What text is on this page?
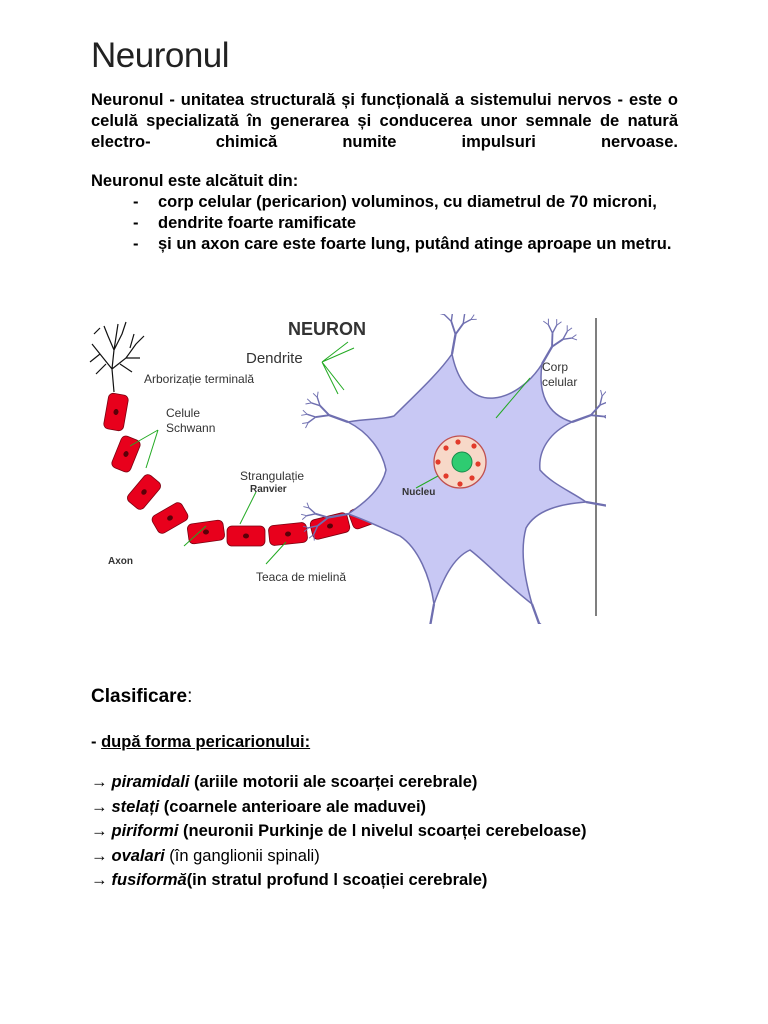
Neuronul

Neuronul - unitatea structurală și funcțională a sistemului nervos - este o celulă specializată în generarea și conducerea unor semnale de natură electro- chimică numite impulsuri nervoase.

Neuronul este alcătuit din:

- corp celular (pericarion) voluminos, cu diametrul de 70 microni,
- dendrite foarte ramificate
- și un axon care este foarte lung, putând atinge aproape un metru.
NEURON
Dendrite
Arborizație terminală
Corp
celular
Celule
Schwann
Strangulație
Ranvier	Nucleu
Axon
Teaca de mielină

Clasificare:

- după forma pericarionului:

→ piramidali (ariile motorii ale scoarței cerebrale)
→ stelați (coarnele anterioare ale maduvei)
→ piriformi (neuronii Purkinje de l nivelul scoarței cerebeloase)
→ ovalari (în ganglionii spinali)
→ fusiformă(in stratul profund l scoației cerebrale)
